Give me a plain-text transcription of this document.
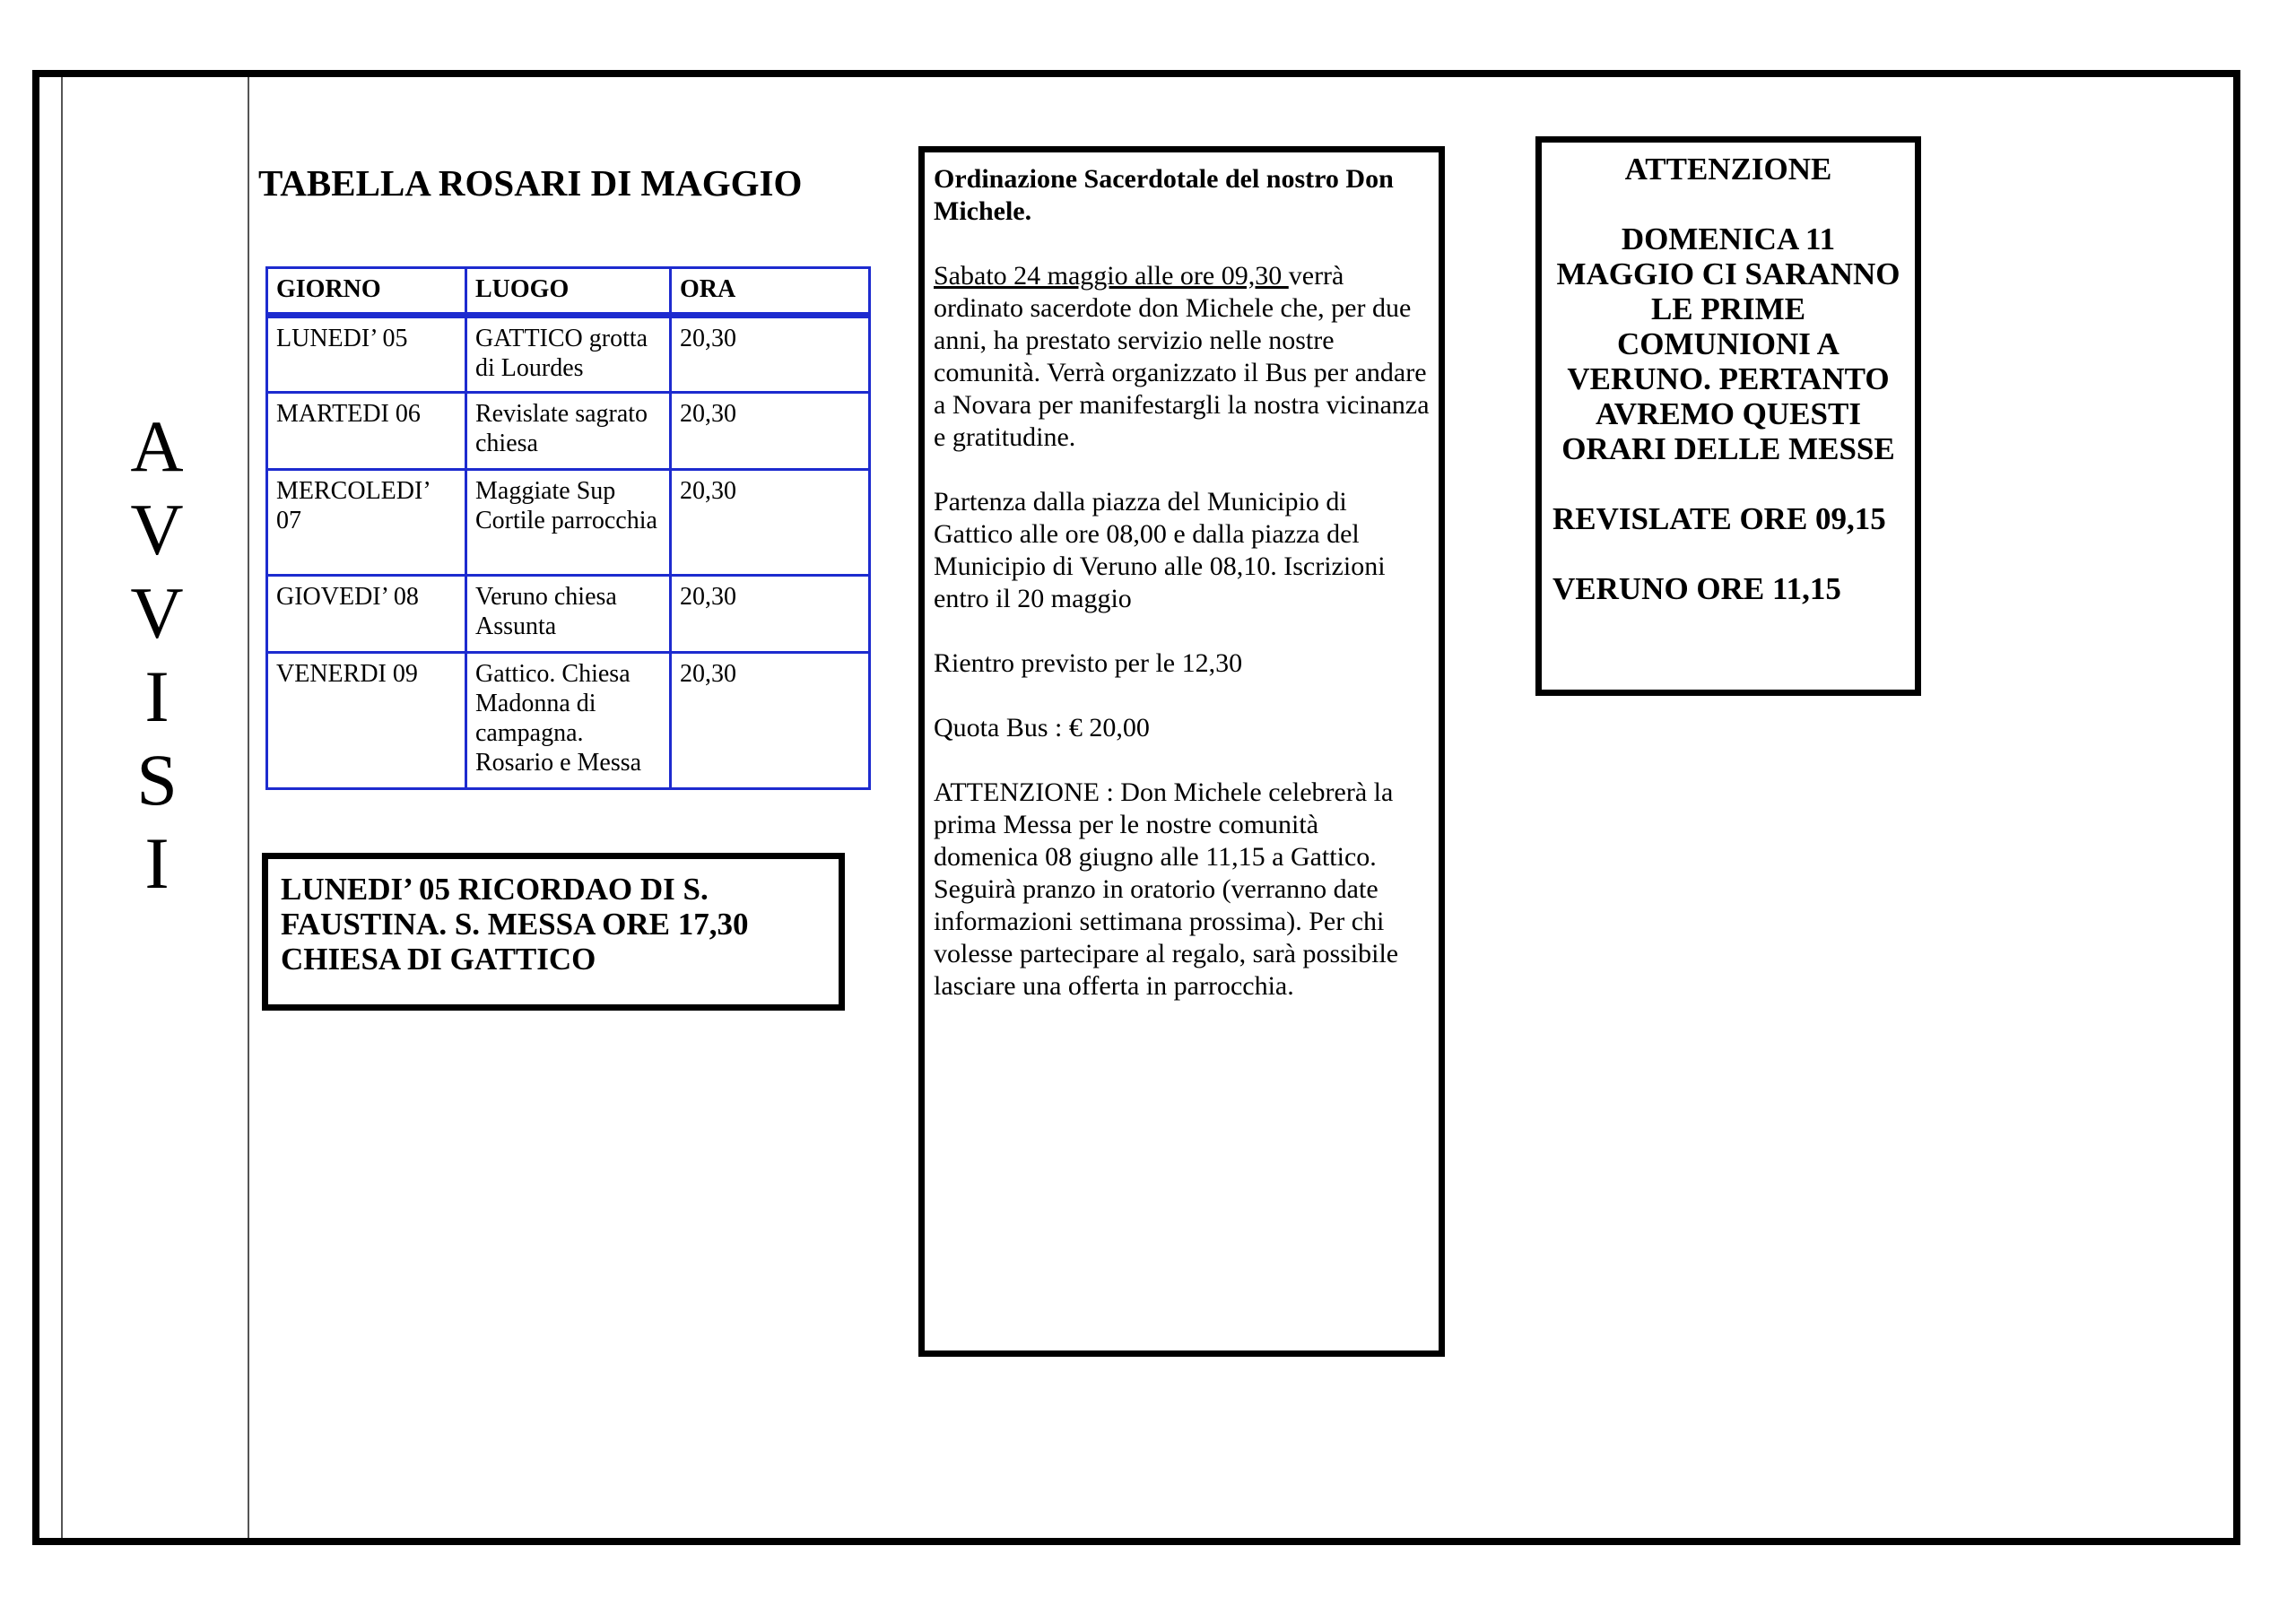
A
V
V
I
S
I
TABELLA ROSARI DI MAGGIO
GIORNO	LUOGO	ORA
LUNEDI’ 05	GATTICO grotta di Lourdes	20,30
MARTEDI 06	Revislate sagrato chiesa	20,30
MERCOLEDI’ 07	Maggiate Sup Cortile parrocchia	20,30
GIOVEDI’ 08	Veruno chiesa Assunta	20,30
VENERDI 09	Gattico. Chiesa Madonna di campagna. Rosario e Messa	20,30
LUNEDI’ 05 RICORDAO DI S. FAUSTINA. S. MESSA ORE 17,30 CHIESA DI GATTICO

Ordinazione Sacerdotale del nostro Don Michele.

Sabato 24 maggio alle ore 09,30 verrà ordinato sacerdote don Michele che, per due anni, ha prestato servizio nelle nostre comunità. Verrà organizzato il Bus per andare a Novara per manifestargli la nostra vicinanza e gratitudine.

Partenza dalla piazza del Municipio di Gattico alle ore 08,00 e dalla piazza del Municipio di Veruno alle 08,10. Iscrizioni entro il 20 maggio

Rientro previsto per le 12,30

Quota Bus : € 20,00

ATTENZIONE : Don Michele celebrerà la prima Messa per le nostre comunità domenica 08 giugno alle 11,15 a Gattico. Seguirà pranzo in oratorio (verranno date informazioni settimana prossima). Per chi volesse partecipare al regalo, sarà possibile lasciare una offerta in parrocchia.

ATTENZIONE
DOMENICA 11 MAGGIO CI SARANNO LE PRIME COMUNIONI A VERUNO. PERTANTO AVREMO QUESTI ORARI DELLE MESSE
REVISLATE ORE 09,15
VERUNO ORE 11,15
